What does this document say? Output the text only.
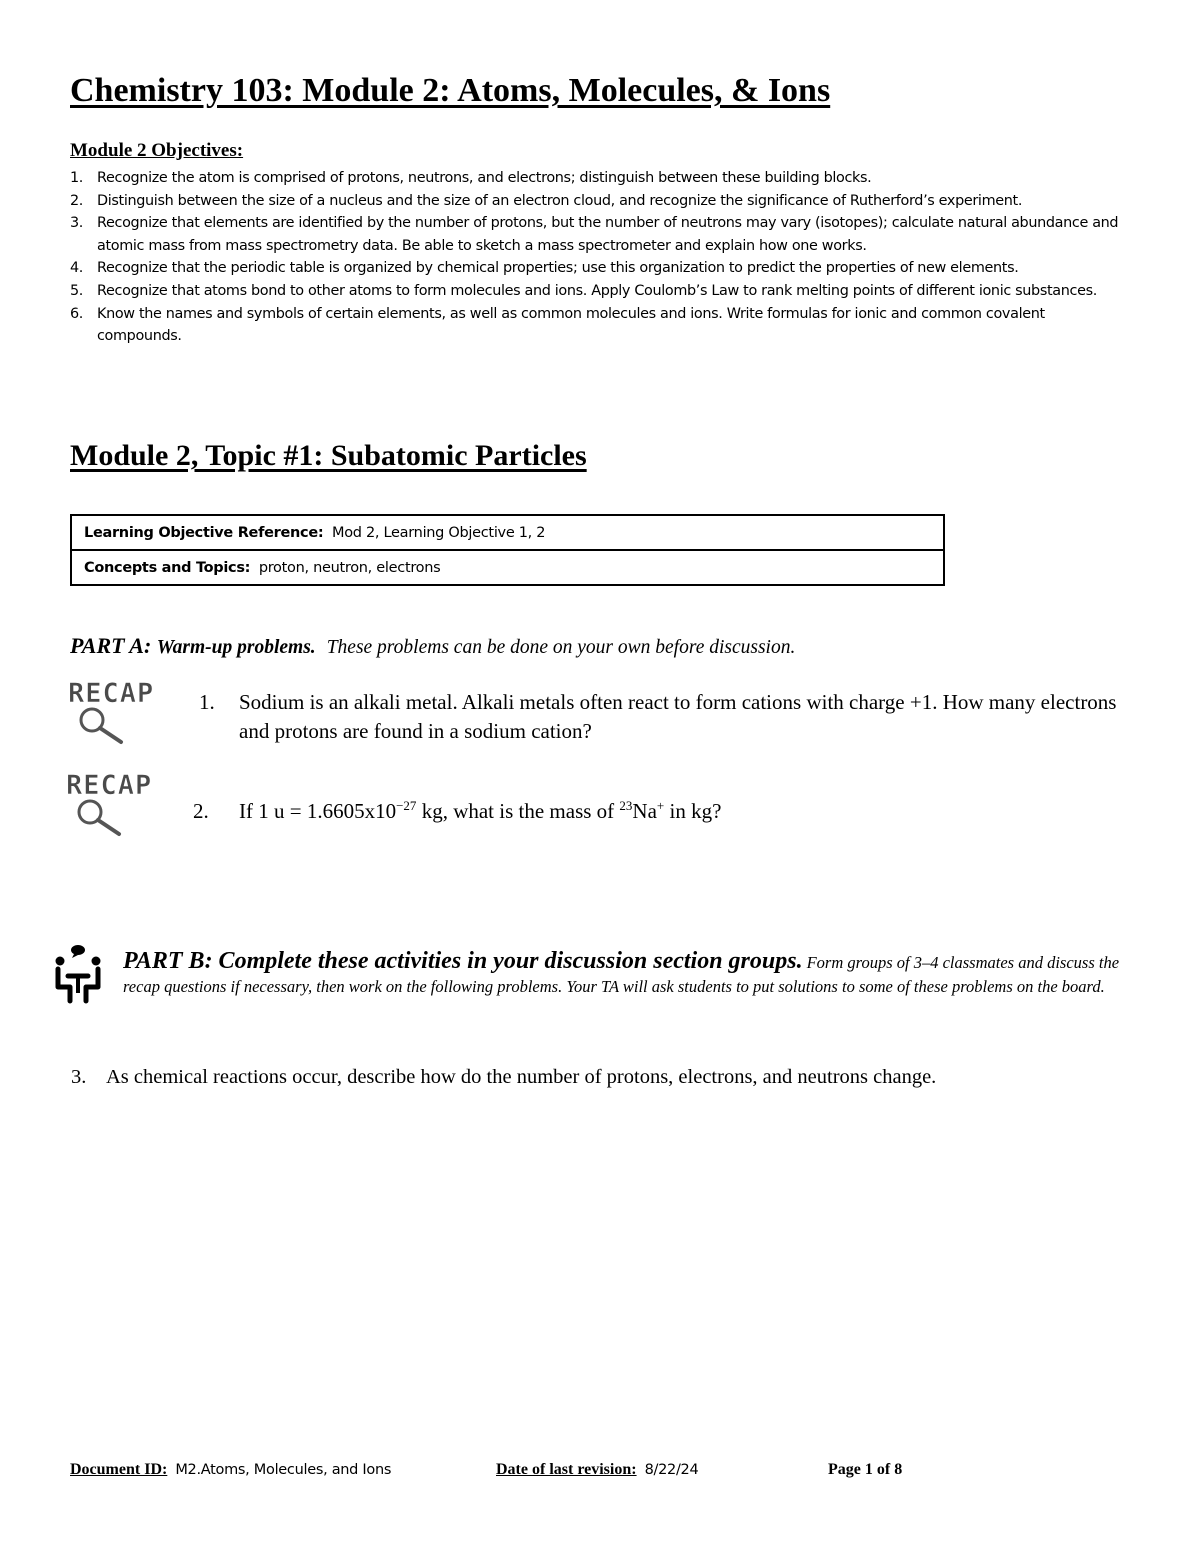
Chemistry 103: Module 2: Atoms, Molecules, & Ions
Module 2 Objectives:
1. Recognize the atom is comprised of protons, neutrons, and electrons; distinguish between these building blocks.
2. Distinguish between the size of a nucleus and the size of an electron cloud, and recognize the significance of Rutherford’s experiment.
3. Recognize that elements are identified by the number of protons, but the number of neutrons may vary (isotopes); calculate natural abundance and atomic mass from mass spectrometry data. Be able to sketch a mass spectrometer and explain how one works.
4. Recognize that the periodic table is organized by chemical properties; use this organization to predict the properties of new elements.
5. Recognize that atoms bond to other atoms to form molecules and ions. Apply Coulomb’s Law to rank melting points of different ionic substances.
6. Know the names and symbols of certain elements, as well as common molecules and ions. Write formulas for ionic and common covalent compounds.
Module 2, Topic #1: Subatomic Particles
Learning Objective Reference: Mod 2, Learning Objective 1, 2
Concepts and Topics: proton, neutron, electrons

PART A: Warm-up problems. These problems can be done on your own before discussion.

RECAP 1.	Sodium is an alkali metal. Alkali metals often react to form cations with charge +1. How many electrons and protons are found in a sodium cation?
RECAP
2.	If 1 $u = 1.6605x10^{-27}$ kg, what is the mass of $^{23}$Na+ in kg?

PART B: Complete these activities in your discussion section groups. Form groups of 3–4 classmates and discuss the recap questions if necessary, then work on the following problems. Your TA will ask students to put solutions to some of these problems on the board.

3. As chemical reactions occur, describe how do the number of protons, electrons, and neutrons change.

Document ID: M2.Atoms, Molecules, and Ions	Date of last revision: 8/22/24	Page 1 of 8
